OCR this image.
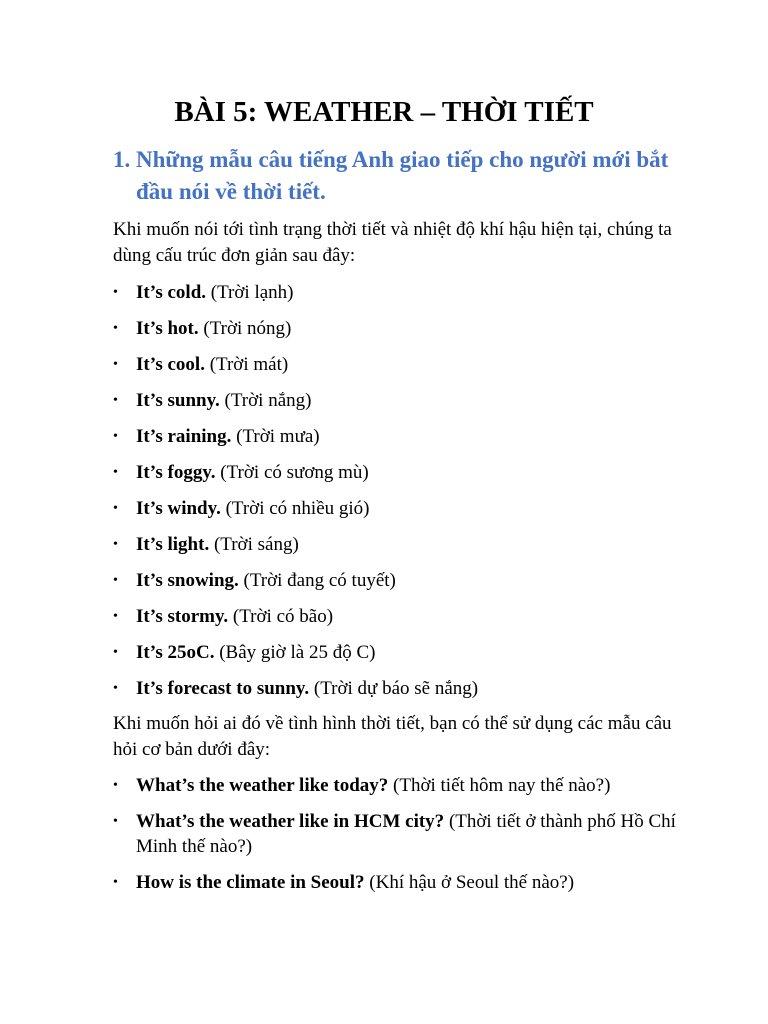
BÀI 5: WEATHER – THỜI TIẾT
1. Những mẫu câu tiếng Anh giao tiếp cho người mới bắt đầu nói về thời tiết.

Khi muốn nói tới tình trạng thời tiết và nhiệt độ khí hậu hiện tại, chúng ta dùng cấu trúc đơn giản sau đây:

• It’s cold. (Trời lạnh)
• It’s hot. (Trời nóng)
• It’s cool. (Trời mát)
• It’s sunny. (Trời nắng)
• It’s raining. (Trời mưa)
• It’s foggy. (Trời có sương mù)
• It’s windy. (Trời có nhiều gió)
• It’s light. (Trời sáng)
• It’s snowing. (Trời đang có tuyết)
• It’s stormy. (Trời có bão)
• It’s 25oC. (Bây giờ là 25 độ C)
• It’s forecast to sunny. (Trời dự báo sẽ nắng)

Khi muốn hỏi ai đó về tình hình thời tiết, bạn có thể sử dụng các mẫu câu hỏi cơ bản dưới đây:

• What’s the weather like today? (Thời tiết hôm nay thế nào?)
• What’s the weather like in HCM city? (Thời tiết ở thành phố Hồ Chí Minh thế nào?)
• How is the climate in Seoul? (Khí hậu ở Seoul thế nào?)
